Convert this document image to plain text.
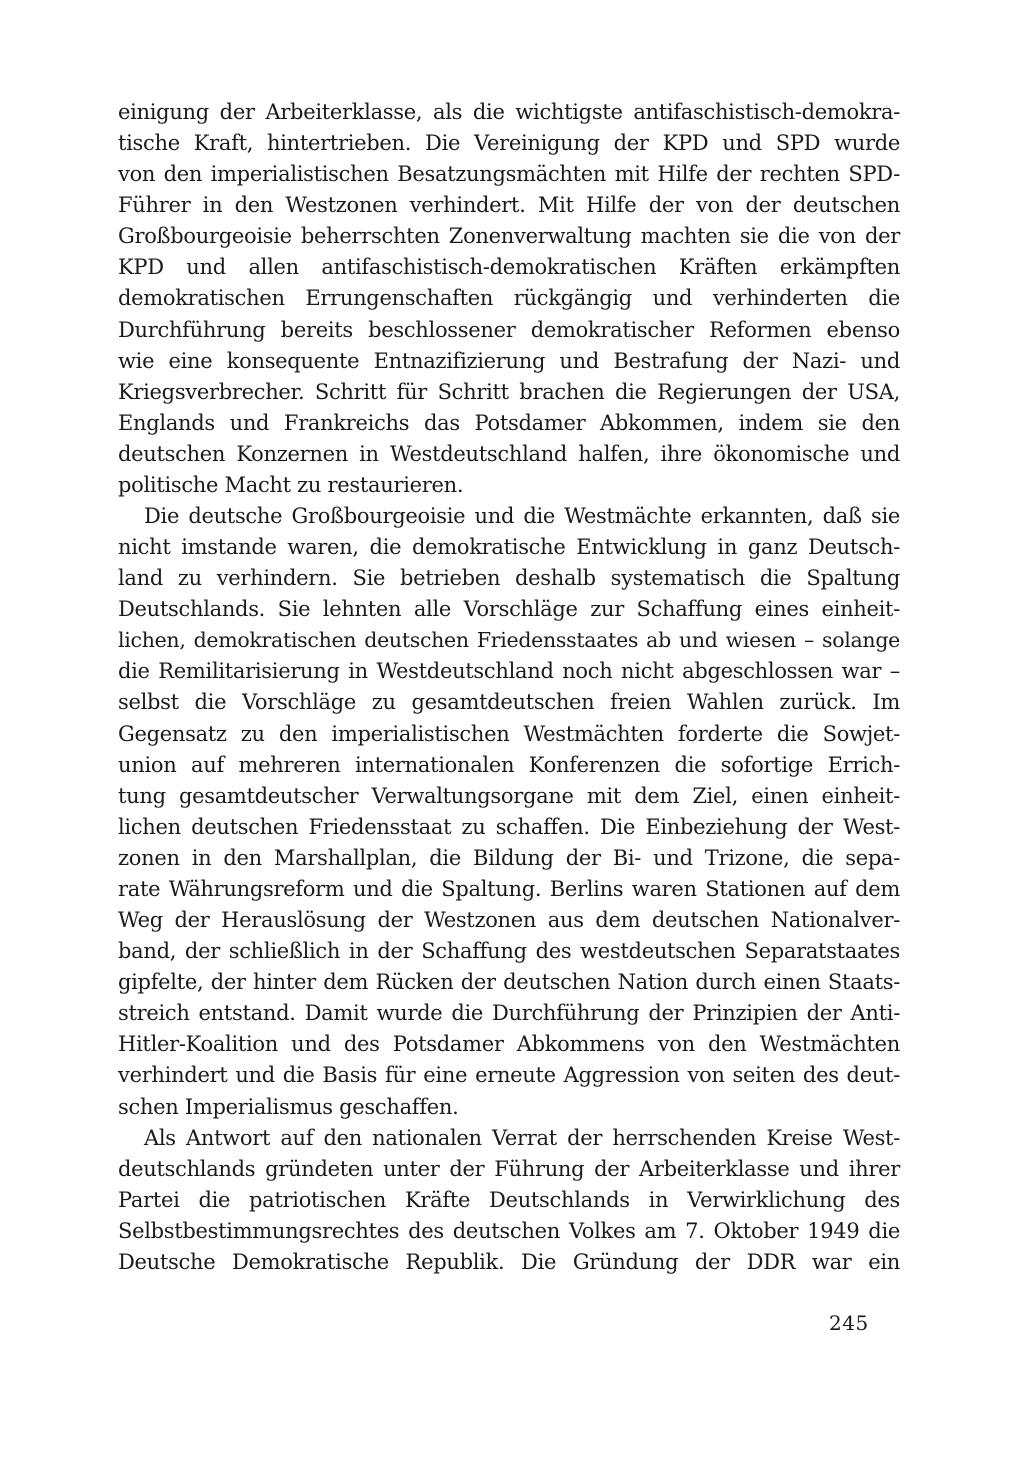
einigung der Arbeiterklasse, als die wichtigste antifaschistisch-demokra-
tische Kraft, hintertrieben. Die Vereinigung der KPD und SPD wurde
von den imperialistischen Besatzungsmächten mit Hilfe der rechten SPD-
Führer in den Westzonen verhindert. Mit Hilfe der von der deutschen
Großbourgeoisie beherrschten Zonenverwaltung machten sie die von der
KPD und allen antifaschistisch-demokratischen Kräften erkämpften
demokratischen Errungenschaften rückgängig und verhinderten die
Durchführung bereits beschlossener demokratischer Reformen ebenso
wie eine konsequente Entnazifizierung und Bestrafung der Nazi- und
Kriegsverbrecher. Schritt für Schritt brachen die Regierungen der USA,
Englands und Frankreichs das Potsdamer Abkommen, indem sie den
deutschen Konzernen in Westdeutschland halfen, ihre ökonomische und
politische Macht zu restaurieren.
Die deutsche Großbourgeoisie und die Westmächte erkannten, daß sie
nicht imstande waren, die demokratische Entwicklung in ganz Deutsch-
land zu verhindern. Sie betrieben deshalb systematisch die Spaltung
Deutschlands. Sie lehnten alle Vorschläge zur Schaffung eines einheit-
lichen, demokratischen deutschen Friedensstaates ab und wiesen – solange
die Remilitarisierung in Westdeutschland noch nicht abgeschlossen war –
selbst die Vorschläge zu gesamtdeutschen freien Wahlen zurück. Im
Gegensatz zu den imperialistischen Westmächten forderte die Sowjet-
union auf mehreren internationalen Konferenzen die sofortige Errich-
tung gesamtdeutscher Verwaltungsorgane mit dem Ziel, einen einheit-
lichen deutschen Friedensstaat zu schaffen. Die Einbeziehung der West-
zonen in den Marshallplan, die Bildung der Bi- und Trizone, die sepa-
rate Währungsreform und die Spaltung. Berlins waren Stationen auf dem
Weg der Herauslösung der Westzonen aus dem deutschen Nationalver-
band, der schließlich in der Schaffung des westdeutschen Separatstaates
gipfelte, der hinter dem Rücken der deutschen Nation durch einen Staats-
streich entstand. Damit wurde die Durchführung der Prinzipien der Anti-
Hitler-Koalition und des Potsdamer Abkommens von den Westmächten
verhindert und die Basis für eine erneute Aggression von seiten des deut-
schen Imperialismus geschaffen.
Als Antwort auf den nationalen Verrat der herrschenden Kreise West-
deutschlands gründeten unter der Führung der Arbeiterklasse und ihrer
Partei die patriotischen Kräfte Deutschlands in Verwirklichung des
Selbstbestimmungsrechtes des deutschen Volkes am 7. Oktober 1949 die
Deutsche Demokratische Republik. Die Gründung der DDR war ein
245
